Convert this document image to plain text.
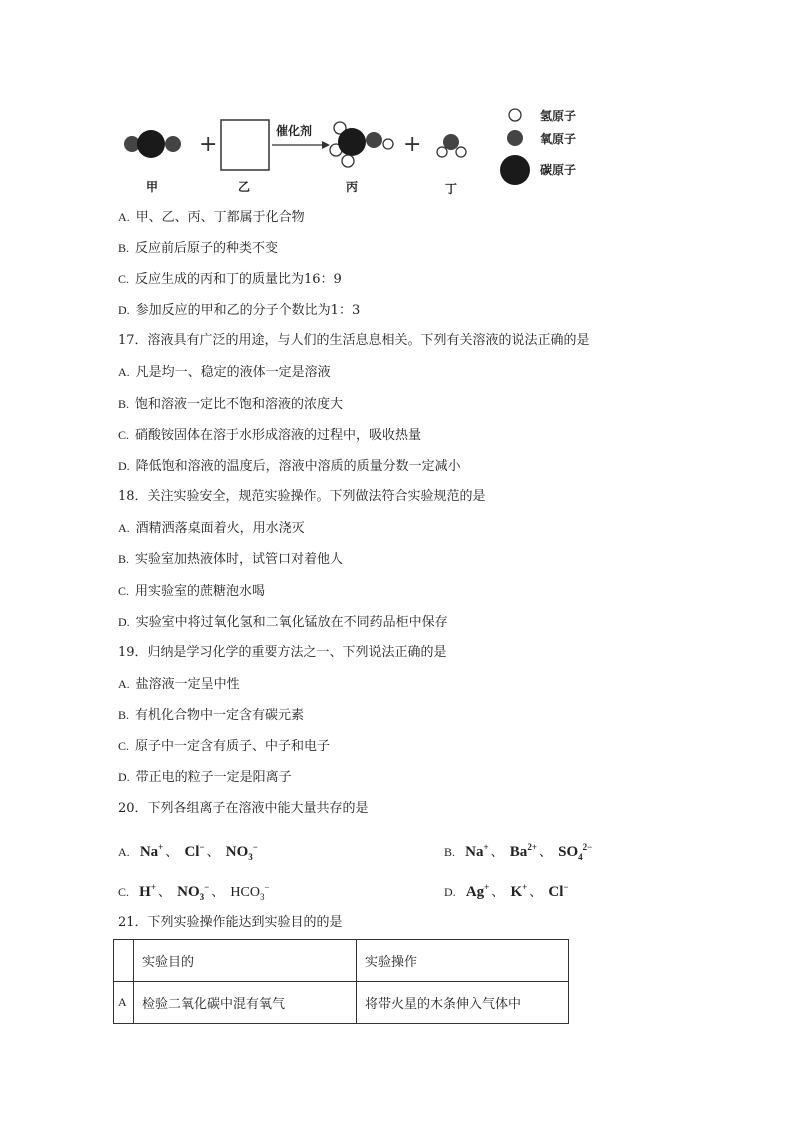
+	+
甲	乙
催化剂
丙	丁
氢原子
氧原子
碳原子
A. 甲、乙、丙、丁都属于化合物
B. 反应前后原子的种类不变
C. 反应生成的丙和丁的质量比为16：9
D. 参加反应的甲和乙的分子个数比为1：3
17．溶液具有广泛的用途，与人们的生活息息相关。下列有关溶液的说法正确的是
A. 凡是均一、稳定的液体一定是溶液
B. 饱和溶液一定比不饱和溶液的浓度大
C. 硝酸铵固体在溶于水形成溶液的过程中，吸收热量
D. 降低饱和溶液的温度后，溶液中溶质的质量分数一定减小
18．关注实验安全，规范实验操作。下列做法符合实验规范的是
A. 酒精洒落桌面着火，用水浇灭
B. 实验室加热液体时，试管口对着他人
C. 用实验室的蔗糖泡水喝
D. 实验室中将过氧化氢和二氧化锰放在不同药品柜中保存
19．归纳是学习化学的重要方法之一、下列说法正确的是
A. 盐溶液一定呈中性
B. 有机化合物中一定含有碳元素
C. 原子中一定含有质子、中子和电子
D. 带正电的粒子一定是阳离子
20．下列各组离子在溶液中能大量共存的是
A. Na+ 、 Cl− 、 $NO_3^-$	B. Na+ 、 $Ba^{2+}$ 、 $SO_4^{2-}$
C. H+ 、 $NO_3^-$ 、 $HCO_3^-$	D. Ag+ 、 K+ 、 Cl−
21．下列实验操作能达到实验目的的是
	实验目的	实验操作
A	检验二氧化碳中混有氧气	将带火星的木条伸入气体中
